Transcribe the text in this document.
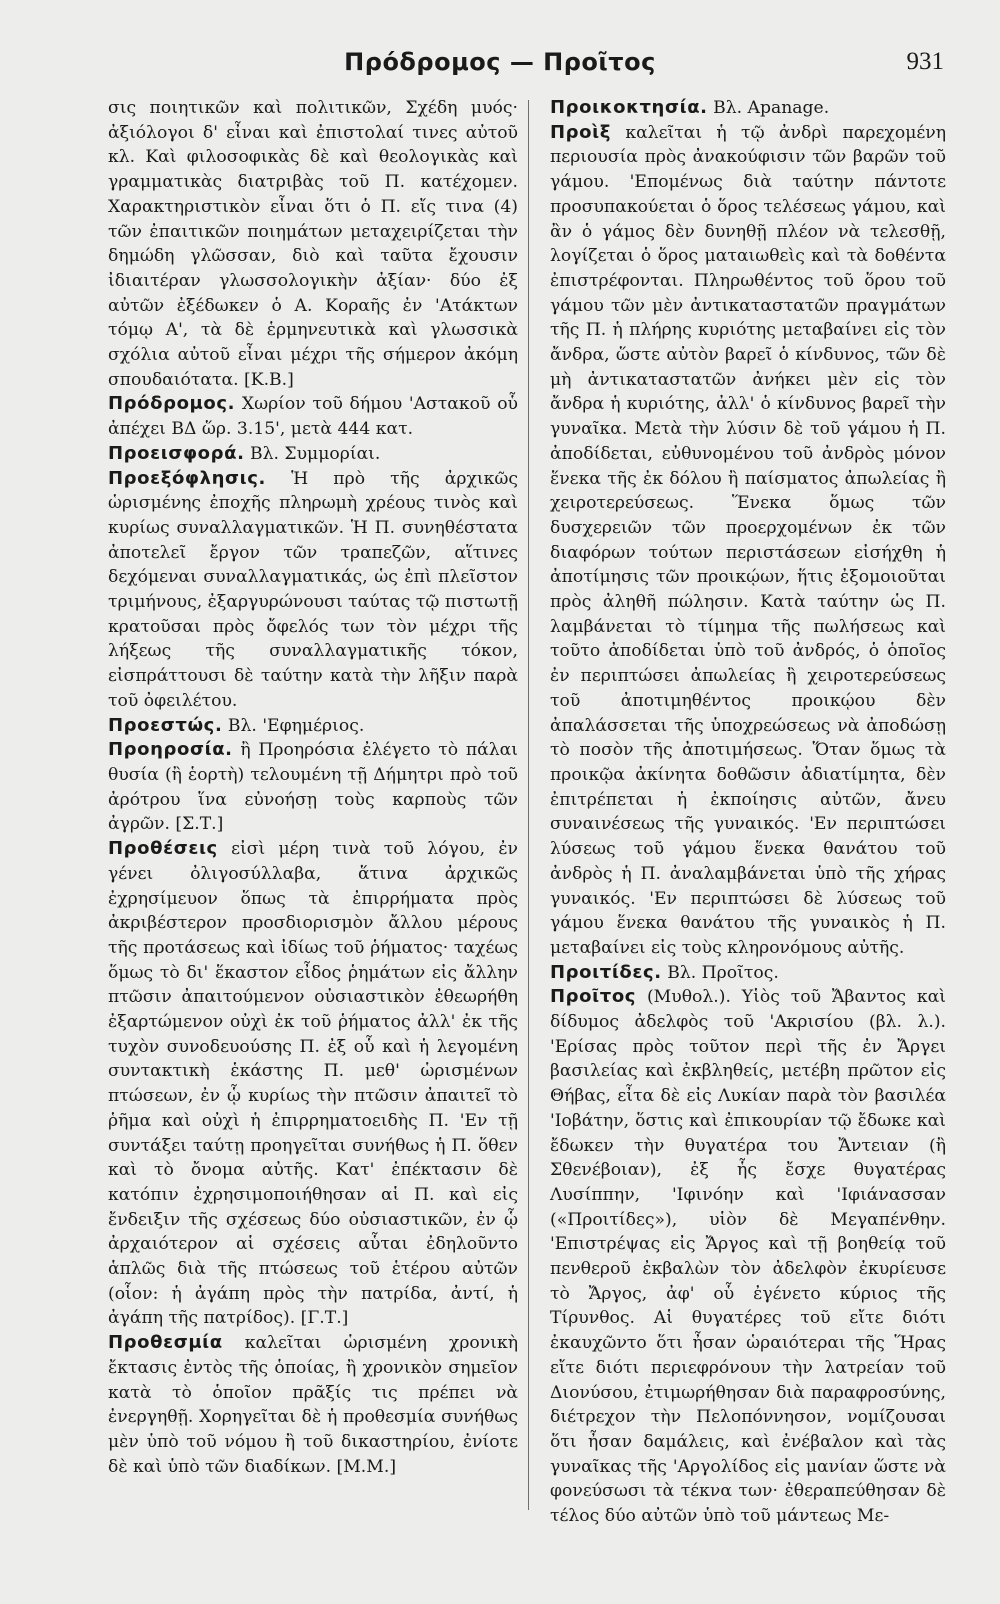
Πρόδρομος — Προῖτος	931

σις ποιητικῶν καὶ πολιτικῶν, Σχέδη μυός· ἀξιόλογοι δ' εἶναι καὶ ἐπιστολαί τινες αὐτοῦ κλ. Καὶ φιλοσοφικὰς δὲ καὶ θεολογικὰς καὶ γραμματικὰς διατριβὰς τοῦ Π. κατέχομεν. Χαρακτηριστικὸν εἶναι ὅτι ὁ Π. εἴς τινα (4) τῶν ἐπαιτικῶν ποιημάτων μεταχειρίζεται τὴν δημώδη γλῶσσαν, διὸ καὶ ταῦτα ἔχουσιν ἰδιαιτέραν γλωσσολογικὴν ἀξίαν· δύο ἐξ αὐτῶν ἐξέδωκεν ὁ Α. Κοραῆς ἐν 'Ατάκτων τόμῳ Α', τὰ δὲ ἑρμηνευτικὰ καὶ γλωσσικὰ σχόλια αὐτοῦ εἶναι μέχρι τῆς σήμερον ἀκόμη σπουδαιότατα. [Κ.Β.]

Πρόδρομος. Χωρίον τοῦ δήμου 'Αστακοῦ οὗ ἀπέχει ΒΔ ὥρ. 3.15', μετὰ 444 κατ.

Προεισφορά. Βλ. Συμμορίαι.

Προεξόφλησις. Ἡ πρὸ τῆς ἀρχικῶς ὡρισμένης ἐποχῆς πληρωμὴ χρέους τινὸς καὶ κυρίως συναλλαγματικῶν. Ἡ Π. συνηθέστατα ἀποτελεῖ ἔργον τῶν τραπεζῶν, αἵτινες δεχόμεναι συναλλαγματικάς, ὡς ἐπὶ πλεῖστον τριμήνους, ἐξαργυρώνουσι ταύτας τῷ πιστωτῇ κρατοῦσαι πρὸς ὄφελός των τὸν μέχρι τῆς λήξεως τῆς συναλλαγματικῆς τόκον, εἰσπράττουσι δὲ ταύτην κατὰ τὴν λῆξιν παρὰ τοῦ ὀφειλέτου.

Προεστώς. Βλ. 'Εφημέριος.

Προηροσία. ἢ Προηρόσια ἐλέγετο τὸ πάλαι θυσία (ἢ ἑορτὴ) τελουμένη τῇ Δήμητρι πρὸ τοῦ ἀρότρου ἵνα εὐνοήσῃ τοὺς καρποὺς τῶν ἀγρῶν. [Σ.Τ.]

Προθέσεις εἰσὶ μέρη τινὰ τοῦ λόγου, ἐν γένει ὀλιγοσύλλαβα, ἅτινα ἀρχικῶς ἐχρησίμευον ὅπως τὰ ἐπιρρήματα πρὸς ἀκριβέστερον προσδιορισμὸν ἄλλου μέρους τῆς προτάσεως καὶ ἰδίως τοῦ ῥήματος· ταχέως ὅμως τὸ δι' ἕκαστον εἶδος ῥημάτων εἰς ἄλλην πτῶσιν ἀπαιτούμενον οὐσιαστικὸν ἐθεωρήθη ἐξαρτώμενον οὐχὶ ἐκ τοῦ ῥήματος ἀλλ' ἐκ τῆς τυχὸν συνοδευούσης Π. ἐξ οὗ καὶ ἡ λεγομένη συντακτικὴ ἑκάστης Π. μεθ' ὡρισμένων πτώσεων, ἐν ᾧ κυρίως τὴν πτῶσιν ἀπαιτεῖ τὸ ῥῆμα καὶ οὐχὶ ἡ ἐπιρρηματοειδὴς Π. 'Εν τῇ συντάξει ταύτῃ προηγεῖται συνήθως ἡ Π. ὅθεν καὶ τὸ ὄνομα αὐτῆς. Κατ' ἐπέκτασιν δὲ κατόπιν ἐχρησιμοποιήθησαν αἱ Π. καὶ εἰς ἔνδειξιν τῆς σχέσεως δύο οὐσιαστικῶν, ἐν ᾧ ἀρχαιότερον αἱ σχέσεις αὗται ἐδηλοῦντο ἁπλῶς διὰ τῆς πτώσεως τοῦ ἑτέρου αὐτῶν (οἷον: ἡ ἀγάπη πρὸς τὴν πατρίδα, ἀντί, ἡ ἀγάπη τῆς πατρίδος). [Γ.Τ.]

Προθεσμία καλεῖται ὡρισμένη χρονικὴ ἔκτασις ἐντὸς τῆς ὁποίας, ἢ χρονικὸν σημεῖον κατὰ τὸ ὁποῖον πρᾶξίς τις πρέπει νὰ ἐνεργηθῇ. Χορηγεῖται δὲ ἡ προθεσμία συνήθως μὲν ὑπὸ τοῦ νόμου ἢ τοῦ δικαστηρίου, ἐνίοτε δὲ καὶ ὑπὸ τῶν διαδίκων. [Μ.Μ.]

Προικοκτησία. Βλ. Apanage.

Προὶξ καλεῖται ἡ τῷ ἀνδρὶ παρεχομένη περιουσία πρὸς ἀνακούφισιν τῶν βαρῶν τοῦ γάμου. 'Επομένως διὰ ταύτην πάντοτε προσυπακούεται ὁ ὅρος τελέσεως γάμου, καὶ ἂν ὁ γάμος δὲν δυνηθῇ πλέον νὰ τελεσθῇ, λογίζεται ὁ ὅρος ματαιωθεὶς καὶ τὰ δοθέντα ἐπιστρέφονται. Πληρωθέντος τοῦ ὅρου τοῦ γάμου τῶν μὲν ἀντικαταστατῶν πραγμάτων τῆς Π. ἡ πλήρης κυριότης μεταβαίνει εἰς τὸν ἄνδρα, ὥστε αὐτὸν βαρεῖ ὁ κίνδυνος, τῶν δὲ μὴ ἀντικαταστατῶν ἀνήκει μὲν εἰς τὸν ἄνδρα ἡ κυριότης, ἀλλ' ὁ κίνδυνος βαρεῖ τὴν γυναῖκα. Μετὰ τὴν λύσιν δὲ τοῦ γάμου ἡ Π. ἀποδίδεται, εὐθυνομένου τοῦ ἀνδρὸς μόνον ἕνεκα τῆς ἐκ δόλου ἢ παίσματος ἀπωλείας ἢ χειροτερεύσεως. Ἕνεκα ὅμως τῶν δυσχερειῶν τῶν προερχομένων ἐκ τῶν διαφόρων τούτων περιστάσεων εἰσήχθη ἡ ἀποτίμησις τῶν προικῴων, ἥτις ἐξομοιοῦται πρὸς ἀληθῆ πώλησιν. Κατὰ ταύτην ὡς Π. λαμβάνεται τὸ τίμημα τῆς πωλήσεως καὶ τοῦτο ἀποδίδεται ὑπὸ τοῦ ἀνδρός, ὁ ὁποῖος ἐν περιπτώσει ἀπωλείας ἢ χειροτερεύσεως τοῦ ἀποτιμηθέντος προικῴου δὲν ἀπαλάσσεται τῆς ὑποχρεώσεως νὰ ἀποδώσῃ τὸ ποσὸν τῆς ἀποτιμήσεως. Ὅταν ὅμως τὰ προικῷα ἀκίνητα δοθῶσιν ἀδιατίμητα, δὲν ἐπιτρέπεται ἡ ἐκποίησις αὐτῶν, ἄνευ συναινέσεως τῆς γυναικός. 'Εν περιπτώσει λύσεως τοῦ γάμου ἕνεκα θανάτου τοῦ ἀνδρὸς ἡ Π. ἀναλαμβάνεται ὑπὸ τῆς χήρας γυναικός. 'Εν περιπτώσει δὲ λύσεως τοῦ γάμου ἕνεκα θανάτου τῆς γυναικὸς ἡ Π. μεταβαίνει εἰς τοὺς κληρονόμους αὐτῆς.

Προιτίδες. Βλ. Προῖτος.

Προῖτος (Μυθολ.). Υἱὸς τοῦ Ἄβαντος καὶ δίδυμος ἀδελφὸς τοῦ 'Ακρισίου (βλ. λ.). 'Ερίσας πρὸς τοῦτον περὶ τῆς ἐν Ἄργει βασιλείας καὶ ἐκβληθείς, μετέβη πρῶτον εἰς Θήβας, εἶτα δὲ εἰς Λυκίαν παρὰ τὸν βασιλέα 'Ιοβάτην, ὅστις καὶ ἐπικουρίαν τῷ ἔδωκε καὶ ἔδωκεν τὴν θυγατέρα του Ἄντειαν (ἢ Σθενέβοιαν), ἐξ ἧς ἔσχε θυγατέρας Λυσίππην, 'Ιφινόην καὶ 'Ιφιάνασσαν («Προιτίδες»), υἱὸν δὲ Μεγαπένθην. 'Επιστρέψας εἰς Ἄργος καὶ τῇ βοηθείᾳ τοῦ πενθεροῦ ἐκβαλὼν τὸν ἀδελφὸν ἐκυρίευσε τὸ Ἄργος, ἀφ' οὗ ἐγένετο κύριος τῆς Τίρυνθος. Αἱ θυγατέρες τοῦ εἴτε διότι ἐκαυχῶντο ὅτι ἦσαν ὡραιότεραι τῆς Ἥρας εἴτε διότι περιεφρόνουν τὴν λατρείαν τοῦ Διονύσου, ἐτιμωρήθησαν διὰ παραφροσύνης, διέτρεχον τὴν Πελοπόννησον, νομίζουσαι ὅτι ἦσαν δαμάλεις, καὶ ἐνέβαλον καὶ τὰς γυναῖκας τῆς 'Αργολίδος εἰς μανίαν ὥστε νὰ φονεύσωσι τὰ τέκνα των· ἐθεραπεύθησαν δὲ τέλος δύο αὐτῶν ὑπὸ τοῦ μάντεως Με-
